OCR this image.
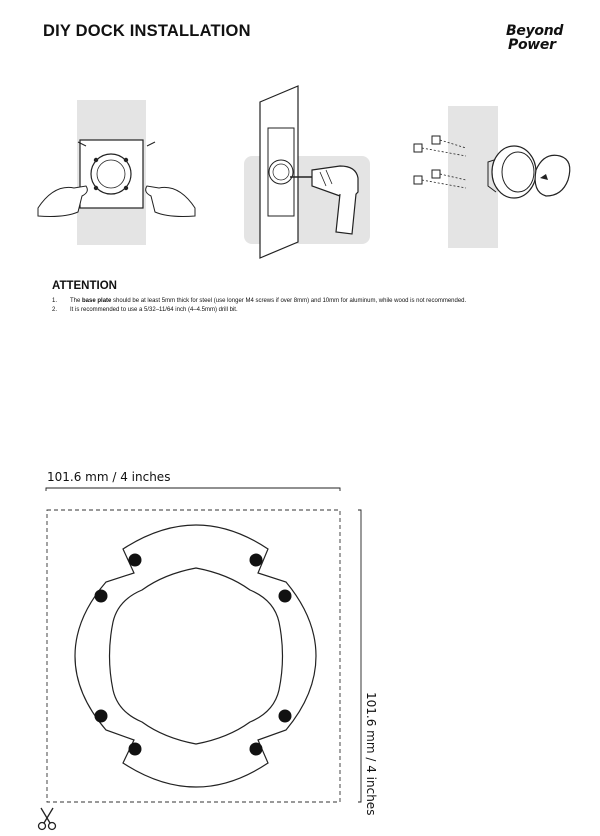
DIY DOCK INSTALLATION	Beyond
Power
ATTENTION
1.	The base plate should be at least 5mm thick for steel (use longer M4 screws if over 8mm) and 10mm for aluminum, while wood is not recommended.
2.	It is recommended to use a 5/32–11/64 inch (4–4.5mm) drill bit.
101.6 mm / 4 inches
101.6 mm / 4 inches
